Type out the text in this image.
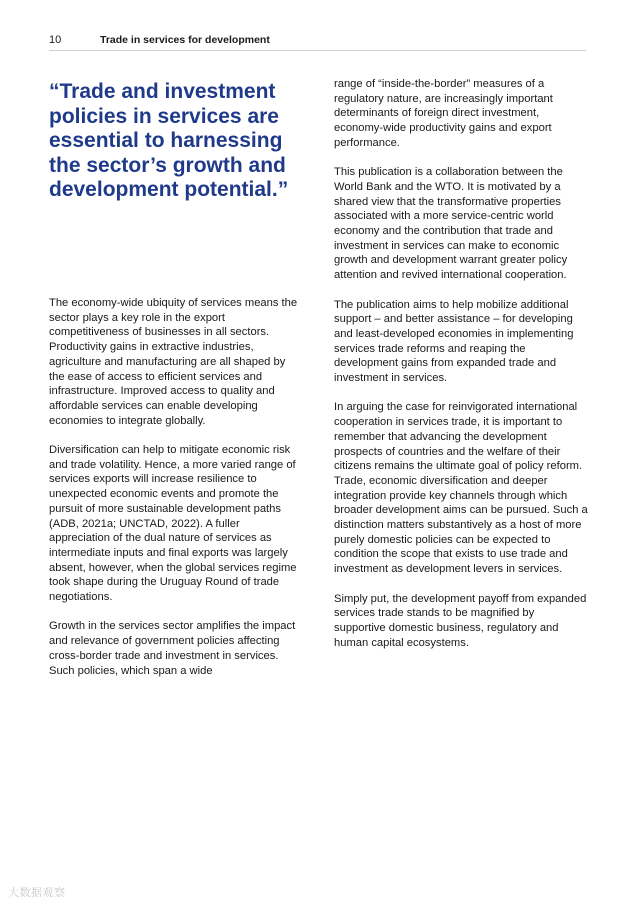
10	Trade in services for development
“Trade and investment policies in services are essential to harnessing the sector’s growth and development potential.”

The economy-wide ubiquity of services means the sector plays a key role in the export competitiveness of businesses in all sectors. Productivity gains in extractive industries, agriculture and manufacturing are all shaped by the ease of access to efficient services and infrastructure. Improved access to quality and affordable services can enable developing economies to integrate globally.

Diversification can help to mitigate economic risk and trade volatility. Hence, a more varied range of services exports will increase resilience to unexpected economic events and promote the pursuit of more sustainable development paths (ADB, 2021a; UNCTAD, 2022). A fuller appreciation of the dual nature of services as intermediate inputs and final exports was largely absent, however, when the global services regime took shape during the Uruguay Round of trade negotiations.

Growth in the services sector amplifies the impact and relevance of government policies affecting cross-border trade and investment in services. Such policies, which span a wide

range of “inside-the-border” measures of a regulatory nature, are increasingly important determinants of foreign direct investment, economy-wide productivity gains and export performance.

This publication is a collaboration between the World Bank and the WTO. It is motivated by a shared view that the transformative properties associated with a more service-centric world economy and the contribution that trade and investment in services can make to economic growth and development warrant greater policy attention and revived international cooperation.

The publication aims to help mobilize additional support – and better assistance – for developing and least-developed economies in implementing services trade reforms and reaping the development gains from expanded trade and investment in services.

In arguing the case for reinvigorated international cooperation in services trade, it is important to remember that advancing the development prospects of countries and the welfare of their citizens remains the ultimate goal of policy reform. Trade, economic diversification and deeper integration provide key channels through which broader development aims can be pursued. Such a distinction matters substantively as a host of more purely domestic policies can be expected to condition the scope that exists to use trade and investment as development levers in services.

Simply put, the development payoff from expanded services trade stands to be magnified by supportive domestic business, regulatory and human capital ecosystems.

大数据观察
